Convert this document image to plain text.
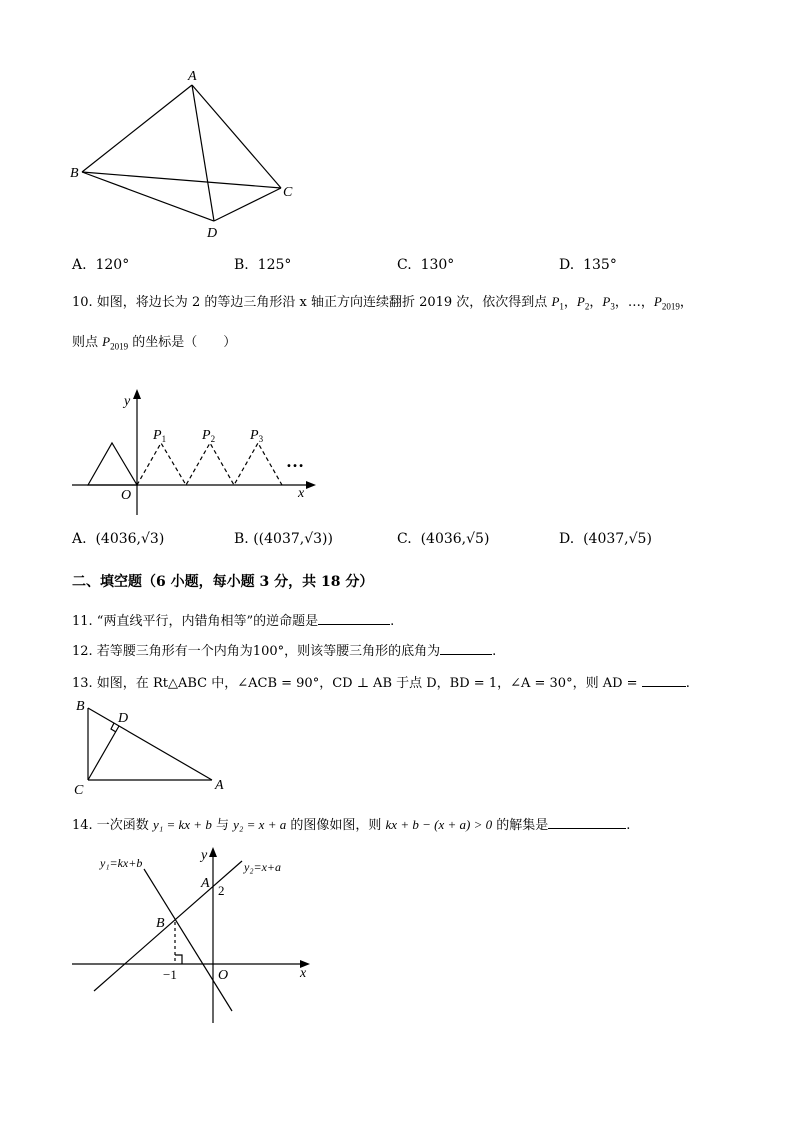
A
B
C
D
A. 120°	B. 125°	C. 130°	D. 135°
10. 如图，将边长为 2 的等边三角形沿 x 轴正方向连续翻折 2019 次，依次得到点 $P_1$，$P_2$，$P_3$，…，$P_{2019}$，
则点 $P_{2019}$ 的坐标是（　　）
y
x
O
$P_1$	$P_2$ $P_3$
…
A. (4036,√3)	B. ((4037,√3))	C. (4036,√5)	D. (4037,√5)
二、填空题（6 小题，每小题 3 分，共 18 分）
11. “两直线平行，内错角相等”的逆命题是	.
12. 若等腰三角形有一个内角为100°，则该等腰三角形的底角为	.
13. 如图，在 Rt△ABC 中，∠ACB = 90°，CD ⊥ AB 于点 D，BD = 1，∠A = 30°，则 AD =	.
B
D
C	A
14. 一次函数 y₁ = kx + b 与 y₂ = x + a 的图像如图，则 kx + b − (x + a) > 0 的解集是	.
y₁=kx+b	y₂=x+a
y
x
A 2
B
−1	O
